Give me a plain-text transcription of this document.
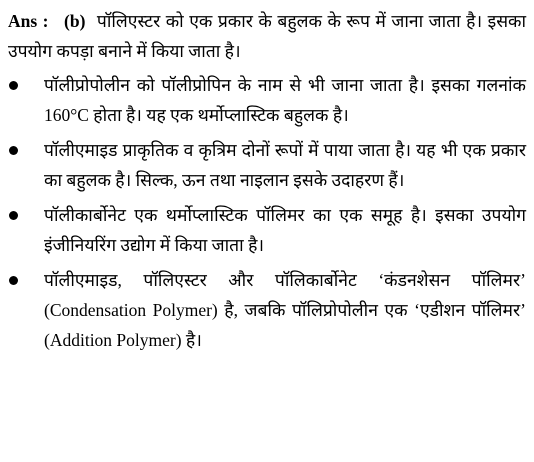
Ans : (b) पॉलिएस्टर को एक प्रकार के बहुलक के रूप में जाना जाता है। इसका उपयोग कपड़ा बनाने में किया जाता है।
पॉलीप्रोपोलीन को पॉलीप्रोपिन के नाम से भी जाना जाता है। इसका गलनांक 160°C होता है। यह एक थर्मोप्लास्टिक बहुलक है।
पॉलीएमाइड प्राकृतिक व कृत्रिम दोनों रूपों में पाया जाता है। यह भी एक प्रकार का बहुलक है। सिल्क, ऊन तथा नाइलान इसके उदाहरण हैं।
पॉलीकार्बोनेट एक थर्मोप्लास्टिक पॉलिमर का एक समूह है। इसका उपयोग इंजीनियरिंग उद्योग में किया जाता है।
पॉलीएमाइड, पॉलिएस्टर और पॉलिकार्बोनेट ‘कंडनशेसन पॉलिमर’ (Condensation Polymer) है, जबकि पॉलिप्रोपोलीन एक ‘एडीशन पॉलिमर’ (Addition Polymer) है।
